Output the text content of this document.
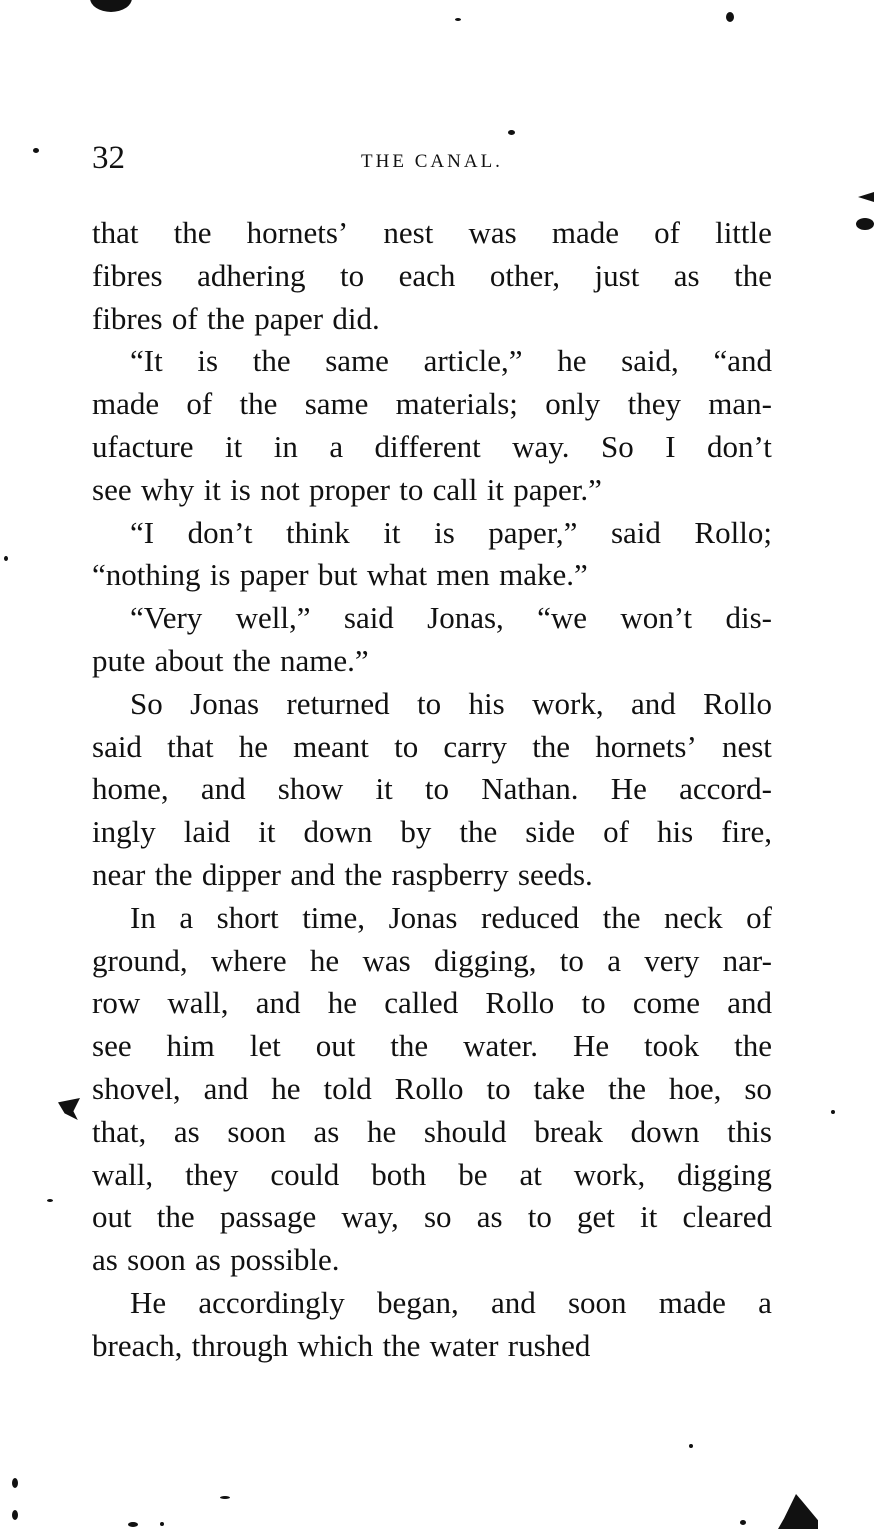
32	THE CANAL.
that the hornets’ nest was made of little
fibres adhering to each other, just as the
fibres of the paper did.
“It is the same article,” he said, “and
made of the same materials; only they man-
ufacture it in a different way. So I don’t
see why it is not proper to call it paper.”
“I don’t think it is paper,” said Rollo;
“nothing is paper but what men make.”
“Very well,” said Jonas, “we won’t dis-
pute about the name.”
So Jonas returned to his work, and Rollo
said that he meant to carry the hornets’ nest
home, and show it to Nathan. He accord-
ingly laid it down by the side of his fire,
near the dipper and the raspberry seeds.
In a short time, Jonas reduced the neck of
ground, where he was digging, to a very nar-
row wall, and he called Rollo to come and
see him let out the water. He took the
shovel, and he told Rollo to take the hoe, so
that, as soon as he should break down this
wall, they could both be at work, digging
out the passage way, so as to get it cleared
as soon as possible.
He accordingly began, and soon made a
breach, through which the water rushed
